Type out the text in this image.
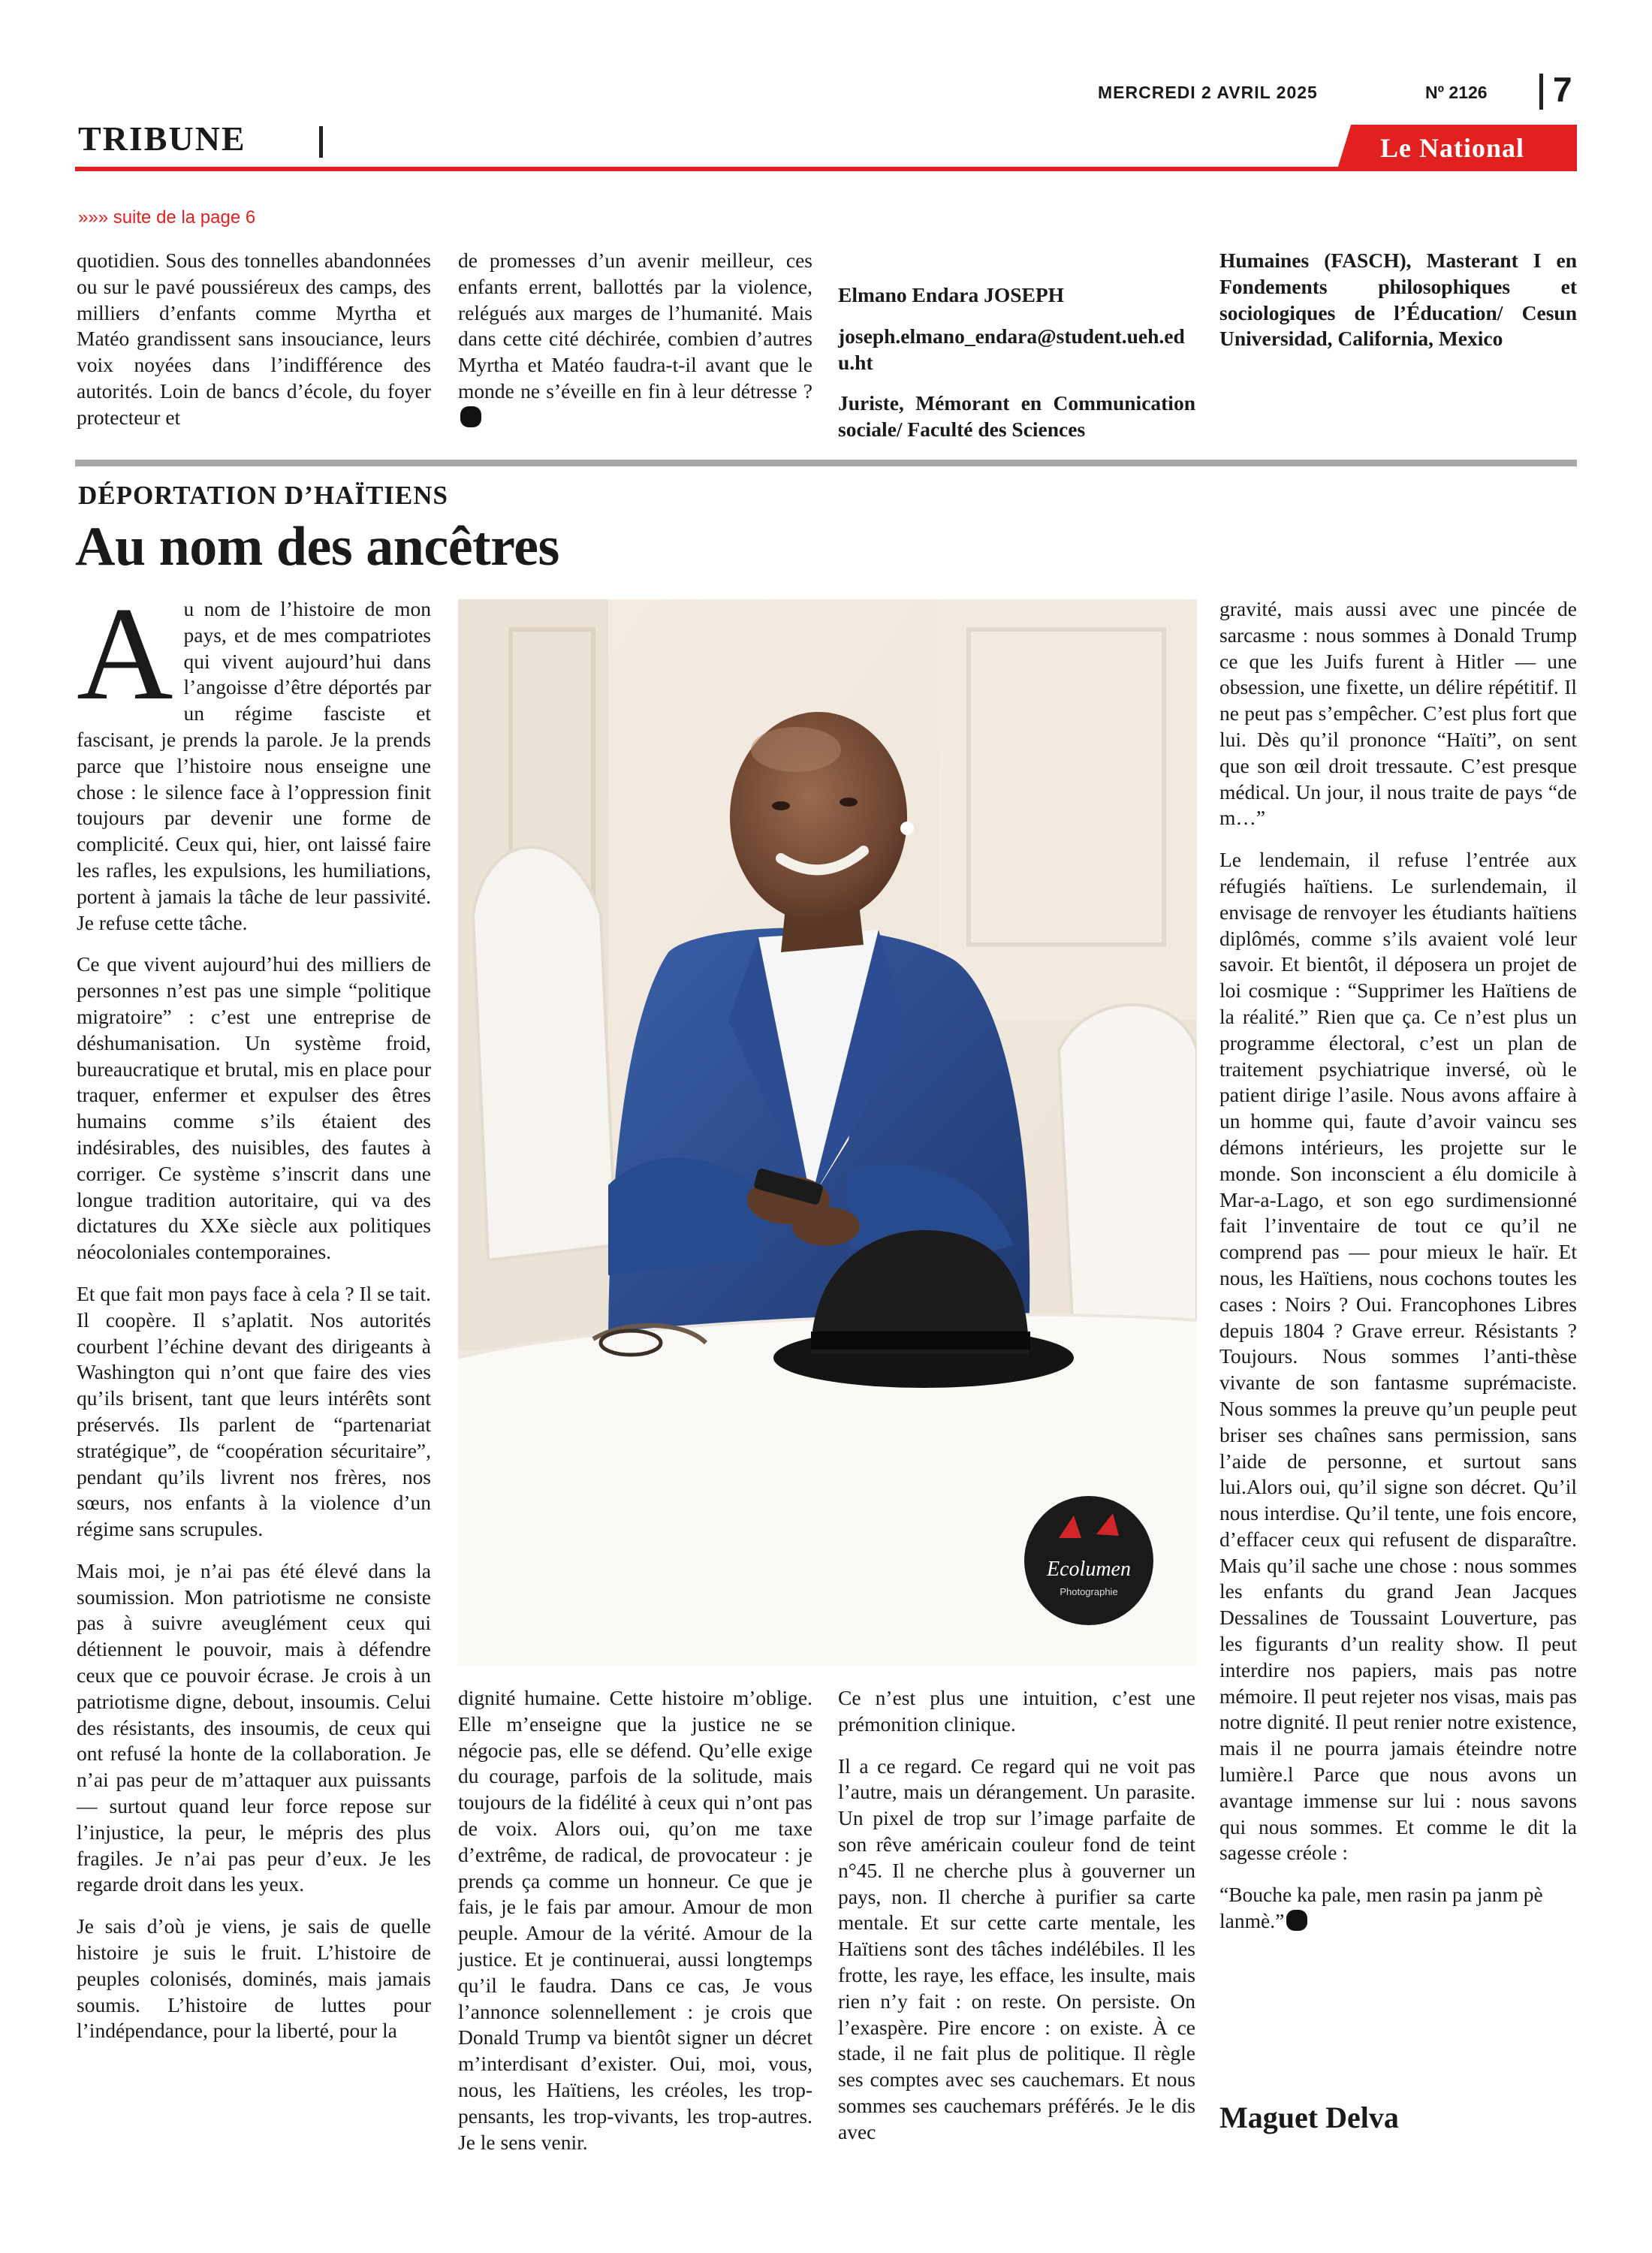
MERCREDI 2 AVRIL 2025	Nº 2126 7
TRIBUNE	Le National
»»» suite de la page 6

quotidien. Sous des tonnelles abandonnées ou sur le pavé poussiéreux des camps, des milliers d’enfants comme Myrtha et Matéo grandissent sans insouciance, leurs voix noyées dans l’indifférence des autorités. Loin de bancs d’école, du foyer protecteur et

de promesses d’un avenir meilleur, ces enfants errent, ballottés par la violence, relégués aux marges de l’humanité. Mais dans cette cité déchirée, combien d’autres Myrtha et Matéo faudra-t-il avant que le monde ne s’éveille en fin à leur détresse ?

Elmano Endara JOSEPH

joseph.elmano_endara@student.ueh.edu.ht

Juriste, Mémorant en Communication sociale/ Faculté des Sciences

Humaines (FASCH), Masterant I en Fondements philosophiques et sociologiques de l’Éducation/ Cesun Universidad, California, Mexico

DÉPORTATION D’HAÏTIENS
Au nom des ancêtres

Au nom de l’histoire de mon pays, et de mes compatriotes qui vivent aujourd’hui dans l’angoisse d’être déportés par un régime fasciste et fascisant, je prends la parole. Je la prends parce que l’histoire nous enseigne une chose : le silence face à l’oppression finit toujours par devenir une forme de complicité. Ceux qui, hier, ont laissé faire les rafles, les expulsions, les humiliations, portent à jamais la tâche de leur passivité. Je refuse cette tâche.

Ce que vivent aujourd’hui des milliers de personnes n’est pas une simple “politique migratoire” : c’est une entreprise de déshumanisation. Un système froid, bureaucratique et brutal, mis en place pour traquer, enfermer et expulser des êtres humains comme s’ils étaient des indésirables, des nuisibles, des fautes à corriger. Ce système s’inscrit dans une longue tradition autoritaire, qui va des dictatures du XXe siècle aux politiques néocoloniales contemporaines.

Et que fait mon pays face à cela ? Il se tait. Il coopère. Il s’aplatit. Nos autorités courbent l’échine devant des dirigeants à Washington qui n’ont que faire des vies qu’ils brisent, tant que leurs intérêts sont préservés. Ils parlent de “partenariat stratégique”, de “coopération sécuritaire”, pendant qu’ils livrent nos frères, nos sœurs, nos enfants à la violence d’un régime sans scrupules.

Mais moi, je n’ai pas été élevé dans la soumission. Mon patriotisme ne consiste pas à suivre aveuglément ceux qui détiennent le pouvoir, mais à défendre ceux que ce pouvoir écrase. Je crois à un patriotisme digne, debout, insoumis. Celui des résistants, des insoumis, de ceux qui ont refusé la honte de la collaboration. Je n’ai pas peur de m’attaquer aux puissants — surtout quand leur force repose sur l’injustice, la peur, le mépris des plus fragiles. Je n’ai pas peur d’eux. Je les regarde droit dans les yeux.

Je sais d’où je viens, je sais de quelle histoire je suis le fruit. L’histoire de peuples colonisés, dominés, mais jamais soumis. L’histoire de luttes pour l’indépendance, pour la liberté, pour la

Ecolumen
Photographie

dignité humaine. Cette histoire m’oblige. Elle m’enseigne que la justice ne se négocie pas, elle se défend. Qu’elle exige du courage, parfois de la solitude, mais toujours de la fidélité à ceux qui n’ont pas de voix. Alors oui, qu’on me taxe d’extrême, de radical, de provocateur : je prends ça comme un honneur. Ce que je fais, je le fais par amour. Amour de mon peuple. Amour de la vérité. Amour de la justice. Et je continuerai, aussi longtemps qu’il le faudra. Dans ce cas, Je vous l’annonce solennellement : je crois que Donald Trump va bientôt signer un décret m’interdisant d’exister. Oui, moi, vous, nous, les Haïtiens, les créoles, les trop-pensants, les trop-vivants, les trop-autres. Je le sens venir.

Ce n’est plus une intuition, c’est une prémonition clinique.

Il a ce regard. Ce regard qui ne voit pas l’autre, mais un dérangement. Un parasite. Un pixel de trop sur l’image parfaite de son rêve américain couleur fond de teint n°45. Il ne cherche plus à gouverner un pays, non. Il cherche à purifier sa carte mentale. Et sur cette carte mentale, les Haïtiens sont des tâches indélébiles. Il les frotte, les raye, les efface, les insulte, mais rien n’y fait : on reste. On persiste. On l’exaspère. Pire encore : on existe. À ce stade, il ne fait plus de politique. Il règle ses comptes avec ses cauchemars. Et nous sommes ses cauchemars préférés. Je le dis avec

gravité, mais aussi avec une pincée de sarcasme : nous sommes à Donald Trump ce que les Juifs furent à Hitler — une obsession, une fixette, un délire répétitif. Il ne peut pas s’empêcher. C’est plus fort que lui. Dès qu’il prononce “Haïti”, on sent que son œil droit tressaute. C’est presque médical. Un jour, il nous traite de pays “de m…”

Le lendemain, il refuse l’entrée aux réfugiés haïtiens. Le surlendemain, il envisage de renvoyer les étudiants haïtiens diplômés, comme s’ils avaient volé leur savoir. Et bientôt, il déposera un projet de loi cosmique : “Supprimer les Haïtiens de la réalité.” Rien que ça. Ce n’est plus un programme électoral, c’est un plan de traitement psychiatrique inversé, où le patient dirige l’asile. Nous avons affaire à un homme qui, faute d’avoir vaincu ses démons intérieurs, les projette sur le monde. Son inconscient a élu domicile à Mar-a-Lago, et son ego surdimensionné fait l’inventaire de tout ce qu’il ne comprend pas — pour mieux le haïr. Et nous, les Haïtiens, nous cochons toutes les cases : Noirs ? Oui. Francophones Libres depuis 1804 ? Grave erreur. Résistants ? Toujours. Nous sommes l’anti-thèse vivante de son fantasme suprémaciste. Nous sommes la preuve qu’un peuple peut briser ses chaînes sans permission, sans l’aide de personne, et surtout sans lui.Alors oui, qu’il signe son décret. Qu’il nous interdise. Qu’il tente, une fois encore, d’effacer ceux qui refusent de disparaître. Mais qu’il sache une chose : nous sommes les enfants du grand Jean Jacques Dessalines de Toussaint Louverture, pas les figurants d’un reality show. Il peut interdire nos papiers, mais pas notre mémoire. Il peut rejeter nos visas, mais pas notre dignité. Il peut renier notre existence, mais il ne pourra jamais éteindre notre lumière.l Parce que nous avons un avantage immense sur lui : nous savons qui nous sommes. Et comme le dit la sagesse créole :

“Bouche ka pale, men rasin pa janm pè lanmè.”

Maguet Delva
